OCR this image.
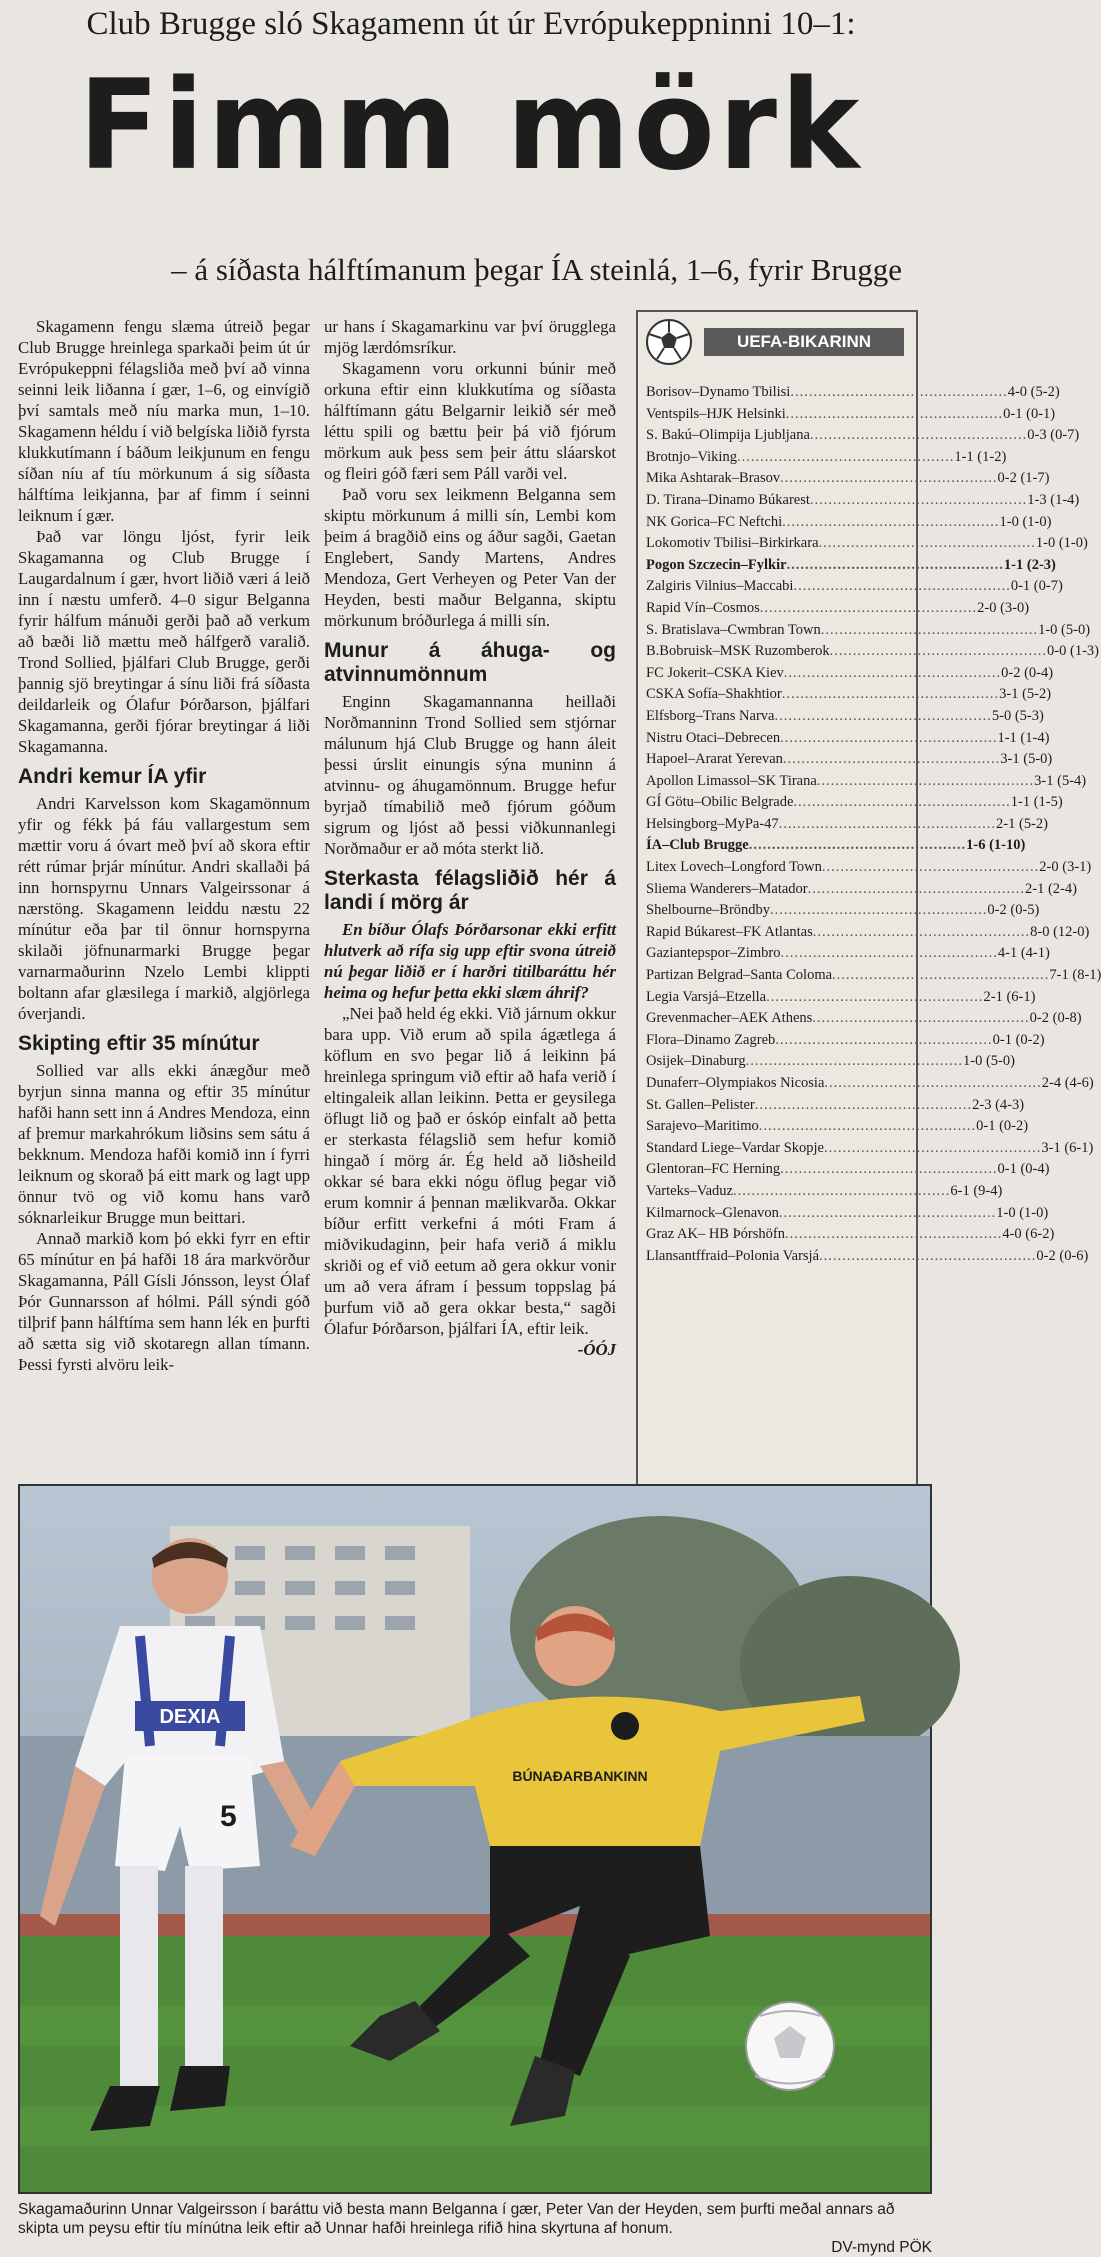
Club Brugge sló Skagamenn út úr Evrópukeppninni 10–1:
Fimm mörk
– á síðasta hálftímanum þegar ÍA steinlá, 1–6, fyrir Brugge

Skagamenn fengu slæma útreið þegar Club Brugge hreinlega sparkaði þeim út úr Evrópukeppni félagsliða með því að vinna seinni leik liðanna í gær, 1–6, og einvígið því samtals með níu marka mun, 1–10. Skagamenn héldu í við belgíska liðið fyrsta klukkutímann í báðum leikjunum en fengu síðan níu af tíu mörkunum á sig síðasta hálftíma leikjanna, þar af fimm í seinni leiknum í gær.

Það var löngu ljóst, fyrir leik Skagamanna og Club Brugge í Laugardalnum í gær, hvort liðið væri á leið inn í næstu umferð. 4–0 sigur Belganna fyrir hálfum mánuði gerði það að verkum að bæði lið mættu með hálfgerð varalið. Trond Sollied, þjálfari Club Brugge, gerði þannig sjö breytingar á sínu liði frá síðasta deildarleik og Ólafur Þórðarson, þjálfari Skagamanna, gerði fjórar breytingar á liði Skagamanna.

Andri kemur ÍA yfir

Andri Karvelsson kom Skagamönnum yfir og fékk þá fáu vallargestum sem mættir voru á óvart með því að skora eftir rétt rúmar þrjár mínútur. Andri skallaði þá inn hornspyrnu Unnars Valgeirssonar á nærstöng. Skagamenn leiddu næstu 22 mínútur eða þar til önnur hornspyrna skilaði jöfnunarmarki Brugge þegar varnarmaðurinn Nzelo Lembi klippti boltann afar glæsilega í markið, algjörlega óverjandi.

Skipting eftir 35 mínútur

Sollied var alls ekki ánægður með byrjun sinna manna og eftir 35 mínútur hafði hann sett inn á Andres Mendoza, einn af þremur markahrókum liðsins sem sátu á bekknum. Mendoza hafði komið inn í fyrri leiknum og skorað þá eitt mark og lagt upp önnur tvö og við komu hans varð sóknarleikur Brugge mun beittari.

Annað markið kom þó ekki fyrr en eftir 65 mínútur en þá hafði 18 ára markvörður Skagamanna, Páll Gísli Jónsson, leyst Ólaf Þór Gunnarsson af hólmi. Páll sýndi góð tilþrif þann hálftíma sem hann lék en þurfti að sætta sig við skotaregn allan tímann. Þessi fyrsti alvöru leik-

ur hans í Skagamarkinu var því örugglega mjög lærdómsríkur.

Skagamenn voru orkunni búnir með orkuna eftir einn klukkutíma og síðasta hálftímann gátu Belgarnir leikið sér með léttu spili og bættu þeir þá við fjórum mörkum auk þess sem þeir áttu sláarskot og fleiri góð færi sem Páll varði vel.

Það voru sex leikmenn Belganna sem skiptu mörkunum á milli sín, Lembi kom þeim á bragðið eins og áður sagði, Gaetan Englebert, Sandy Martens, Andres Mendoza, Gert Verheyen og Peter Van der Heyden, besti maður Belganna, skiptu mörkunum bróðurlega á milli sín.

Munur á áhuga- og atvinnumönnum

Enginn Skagamannanna heillaði Norðmanninn Trond Sollied sem stjórnar málunum hjá Club Brugge og hann áleit þessi úrslit einungis sýna muninn á atvinnu- og áhugamönnum. Brugge hefur byrjað tímabilið með fjórum góðum sigrum og ljóst að þessi viðkunnanlegi Norðmaður er að móta sterkt lið.

Sterkasta félagsliðið hér á landi í mörg ár

En bíður Ólafs Þórðarsonar ekki erfitt hlutverk að rífa sig upp eftir svona útreið nú þegar liðið er í harðri titilbaráttu hér heima og hefur þetta ekki slæm áhrif?

„Nei það held ég ekki. Við járnum okkur bara upp. Við erum að spila ágætlega á köflum en svo þegar lið á leikinn þá hreinlega springum við eftir að hafa verið í eltingaleik allan leikinn. Þetta er geysilega öflugt lið og það er óskóp einfalt að þetta er sterkasta félagslið sem hefur komið hingað í mörg ár. Ég held að liðsheild okkar sé bara ekki nógu öflug þegar við erum komnir á þennan mælikvarða. Okkar bíður erfitt verkefni á móti Fram á miðvikudaginn, þeir hafa verið á miklu skriði og ef við eetum að gera okkur vonir um að vera áfram í þessum toppslag þá þurfum við að gera okkar besta,“ sagði Ólafur Þórðarson, þjálfari ÍA, eftir leik.

-ÓÓJ
UEFA-BIKARINN
Borisov–Dynamo Tbilisi .....	4-0 (5-2)
Ventspils–HJK Helsinki .....	0-1 (0-1)
S. Bakú–Olimpija Ljubljana .....	0-3 (0-7)
Brotnjo–Viking .....	1-1 (1-2)
Mika Ashtarak–Brasov .....	0-2 (1-7)
D. Tirana–Dinamo Búkarest .....	1-3 (1-4)
NK Gorica–FC Neftchi .....	1-0 (1-0)
Lokomotiv Tbilisi–Birkirkara .....	1-0 (1-0)
Pogon Szczecin–Fylkir .....	1-1 (2-3)
Zalgiris Vilnius–Maccabi .....	0-1 (0-7)
Rapid Vín–Cosmos .....	2-0 (3-0)
S. Bratislava–Cwmbran Town .....	1-0 (5-0)
B.Bobruisk–MSK Ruzomberok .....	0-0 (1-3)
FC Jokerit–CSKA Kiev .....	0-2 (0-4)
CSKA Sofía–Shakhtior .....	3-1 (5-2)
Elfsborg–Trans Narva .....	5-0 (5-3)
Nistru Otaci–Debrecen .....	1-1 (1-4)
Hapoel–Ararat Yerevan .....	3-1 (5-0)
Apollon Limassol–SK Tirana .....	3-1 (5-4)
GÍ Götu–Obilic Belgrade .....	1-1 (1-5)
Helsingborg–MyPa-47 .....	2-1 (5-2)
ÍA–Club Brugge .....	1-6 (1-10)
Litex Lovech–Longford Town .....	2-0 (3-1)
Sliema Wanderers–Matador .....	2-1 (2-4)
Shelbourne–Bröndby .....	0-2 (0-5)
Rapid Búkarest–FK Atlantas .....	8-0 (12-0)
Gaziantepspor–Zimbro .....	4-1 (4-1)
Partizan Belgrad–Santa Coloma .....	7-1 (8-1)
Legia Varsjá–Etzella .....	2-1 (6-1)
Grevenmacher–AEK Athens .....	0-2 (0-8)
Flora–Dinamo Zagreb .....	0-1 (0-2)
Osijek–Dinaburg .....	1-0 (5-0)
Dunaferr–Olympiakos Nicosia .....	2-4 (4-6)
St. Gallen–Pelister .....	2-3 (4-3)
Sarajevo–Maritimo .....	0-1 (0-2)
Standard Liege–Vardar Skopje .....	3-1 (6-1)
Glentoran–FC Herning .....	0-1 (0-4)
Varteks–Vaduz .....	6-1 (9-4)
Kilmarnock–Glenavon .....	1-0 (1-0)
Graz AK– HB Þórshöfn .....	4-0 (6-2)
Llansantffraid–Polonia Varsjá .....	0-2 (0-6)
DEXIA
5
BÚNAÐARBANKINN
Skagamaðurinn Unnar Valgeirsson í baráttu við besta mann Belganna í gær, Peter Van der Heyden, sem þurfti meðal annars að skipta um peysu eftir tíu mínútna leik eftir að Unnar hafði hreinlega rifið hina skyrtuna af honum.
DV-mynd PÖK
